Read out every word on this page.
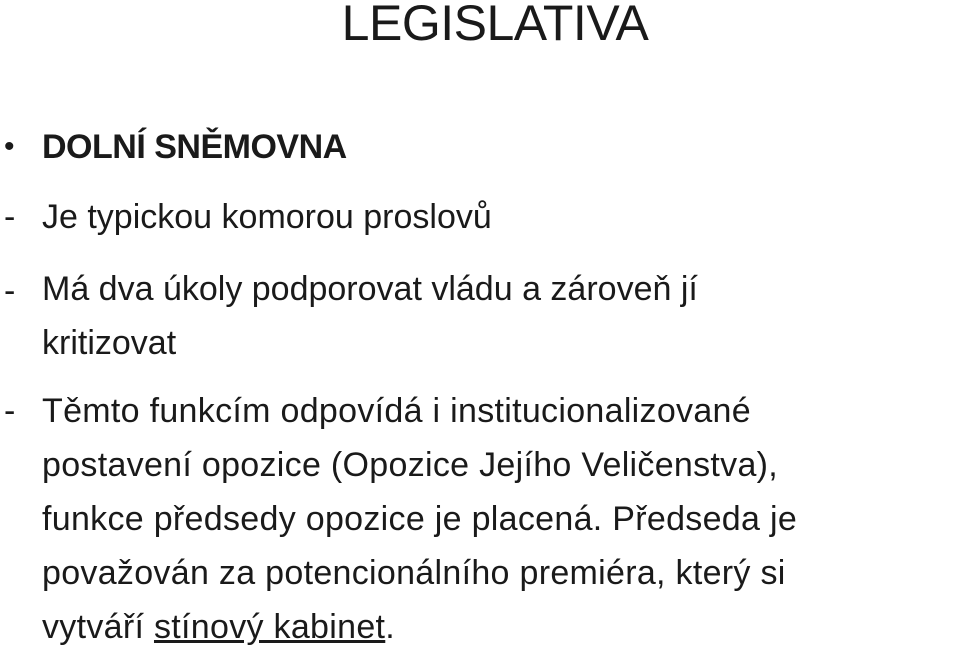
LEGISLATIVA
• DOLNÍ SNĚMOVNA
- Je typickou komorou proslovů
- Má dva úkoly podporovat vládu a zároveň jí
kritizovat
- Těmto funkcím odpovídá i institucionalizované
postavení opozice (Opozice Jejího Veličenstva),
funkce předsedy opozice je placená. Předseda je
považován za potencionálního premiéra, který si
vytváří stínový kabinet.
